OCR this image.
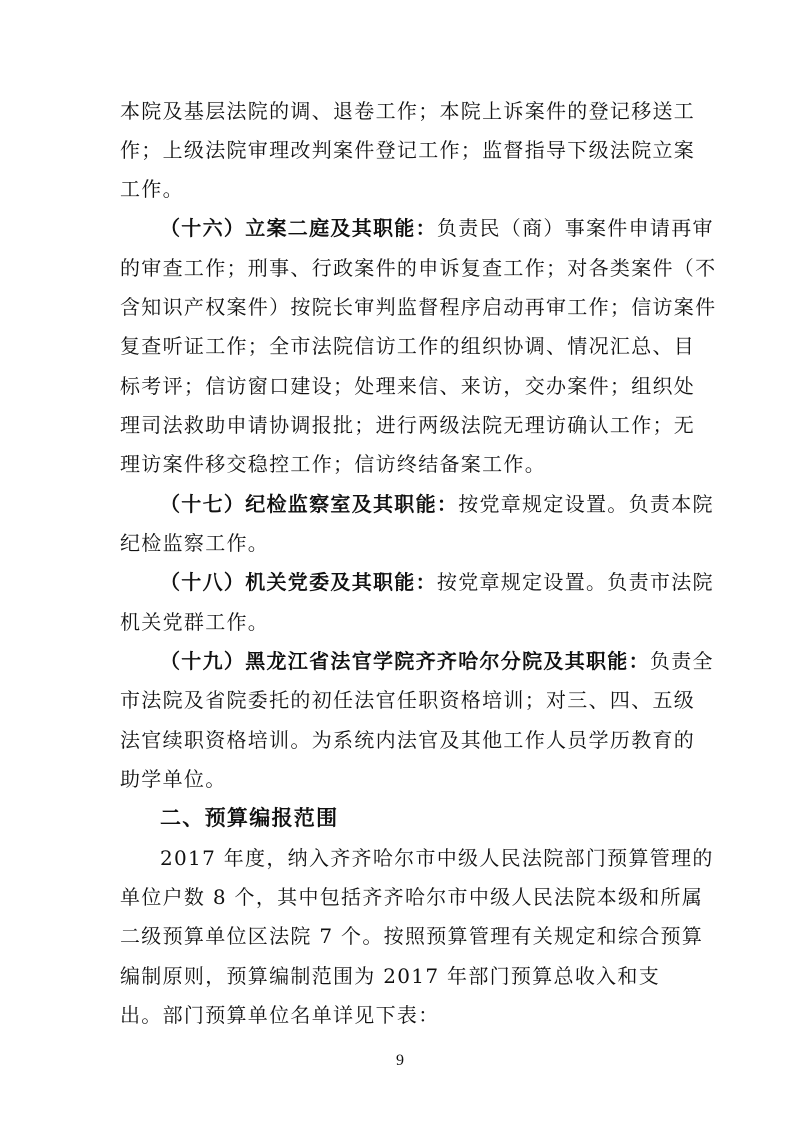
本院及基层法院的调、退卷工作；本院上诉案件的登记移送工
作；上级法院审理改判案件登记工作；监督指导下级法院立案
工作。
（十六）立案二庭及其职能：负责民（商）事案件申请再审
的审查工作；刑事、行政案件的申诉复查工作；对各类案件（不
含知识产权案件）按院长审判监督程序启动再审工作；信访案件
复查听证工作；全市法院信访工作的组织协调、情况汇总、目
标考评；信访窗口建设；处理来信、来访，交办案件；组织处
理司法救助申请协调报批；进行两级法院无理访确认工作；无
理访案件移交稳控工作；信访终结备案工作。
（十七）纪检监察室及其职能：按党章规定设置。负责本院
纪检监察工作。
（十八）机关党委及其职能：按党章规定设置。负责市法院
机关党群工作。
（十九）黑龙江省法官学院齐齐哈尔分院及其职能：负责全
市法院及省院委托的初任法官任职资格培训；对三、四、五级
法官续职资格培训。为系统内法官及其他工作人员学历教育的
助学单位。
二、预算编报范围
2017 年度，纳入齐齐哈尔市中级人民法院部门预算管理的
单位户数 8 个，其中包括齐齐哈尔市中级人民法院本级和所属
二级预算单位区法院 7 个。按照预算管理有关规定和综合预算
编制原则，预算编制范围为 2017 年部门预算总收入和支
出。部门预算单位名单详见下表：
9
